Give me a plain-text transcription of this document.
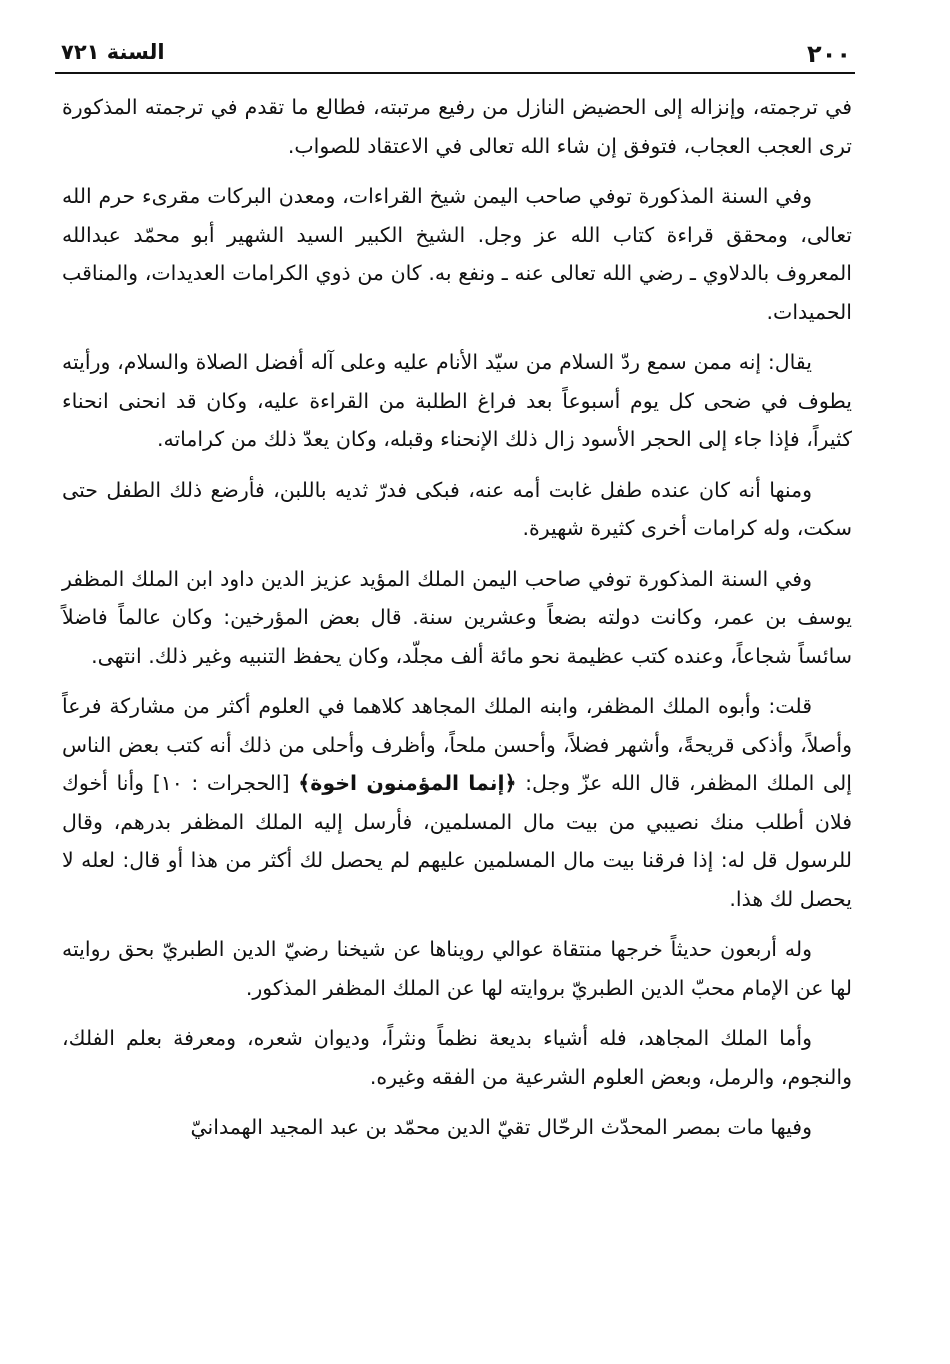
٢٠٠
السنة ٧٢١

في ترجمته، وإنزاله إلى الحضيض النازل من رفيع مرتبته، فطالع ما تقدم في ترجمته المذكورة ترى العجب العجاب، فتوفق إن شاء الله تعالى في الاعتقاد للصواب.

وفي السنة المذكورة توفي صاحب اليمن شيخ القراءات، ومعدن البركات مقرىء حرم الله تعالى، ومحقق قراءة كتاب الله عز وجل. الشيخ الكبير السيد الشهير أبو محمّد عبدالله المعروف بالدلاوي ـ رضي الله تعالى عنه ـ ونفع به. كان من ذوي الكرامات العديدات، والمناقب الحميدات.

يقال: إنه ممن سمع ردّ السلام من سيّد الأنام عليه وعلى آله أفضل الصلاة والسلام، ورأيته يطوف في ضحى كل يوم أسبوعاً بعد فراغ الطلبة من القراءة عليه، وكان قد انحنى انحناء كثيراً، فإذا جاء إلى الحجر الأسود زال ذلك الإنحناء وقبله، وكان يعدّ ذلك من كراماته.

ومنها أنه كان عنده طفل غابت أمه عنه، فبكى فدرّ ثديه باللبن، فأرضع ذلك الطفل حتى سكت، وله كرامات أخرى كثيرة شهيرة.

وفي السنة المذكورة توفي صاحب اليمن الملك المؤيد عزيز الدين داود ابن الملك المظفر يوسف بن عمر، وكانت دولته بضعاً وعشرين سنة. قال بعض المؤرخين: وكان عالماً فاضلاً سائساً شجاعاً، وعنده كتب عظيمة نحو مائة ألف مجلّد، وكان يحفظ التنبيه وغير ذلك. انتهى.

قلت: وأبوه الملك المظفر، وابنه الملك المجاهد كلاهما في العلوم أكثر من مشاركة فرعاً وأصلاً، وأذكى قريحةً، وأشهر فضلاً، وأحسن ملحاً، وأظرف وأحلى من ذلك أنه كتب بعض الناس إلى الملك المظفر، قال الله عزّ وجل: ﴿إنما المؤمنون اخوة﴾ [الحجرات : ١٠] وأنا أخوك فلان أطلب منك نصيبي من بيت مال المسلمين، فأرسل إليه الملك المظفر بدرهم، وقال للرسول قل له: إذا فرقنا بيت مال المسلمين عليهم لم يحصل لك أكثر من هذا أو قال: لعله لا يحصل لك هذا.

وله أربعون حديثاً خرجها منتقاة عوالي رويناها عن شيخنا رضيّ الدين الطبريّ بحق روايته لها عن الإمام محبّ الدين الطبريّ بروايته لها عن الملك المظفر المذكور.

وأما الملك المجاهد، فله أشياء بديعة نظماً ونثراً، وديوان شعره، ومعرفة بعلم الفلك، والنجوم، والرمل، وبعض العلوم الشرعية من الفقه وغيره.

وفيها مات بمصر المحدّث الرحّال تقيّ الدين محمّد بن عبد المجيد الهمدانيّ
